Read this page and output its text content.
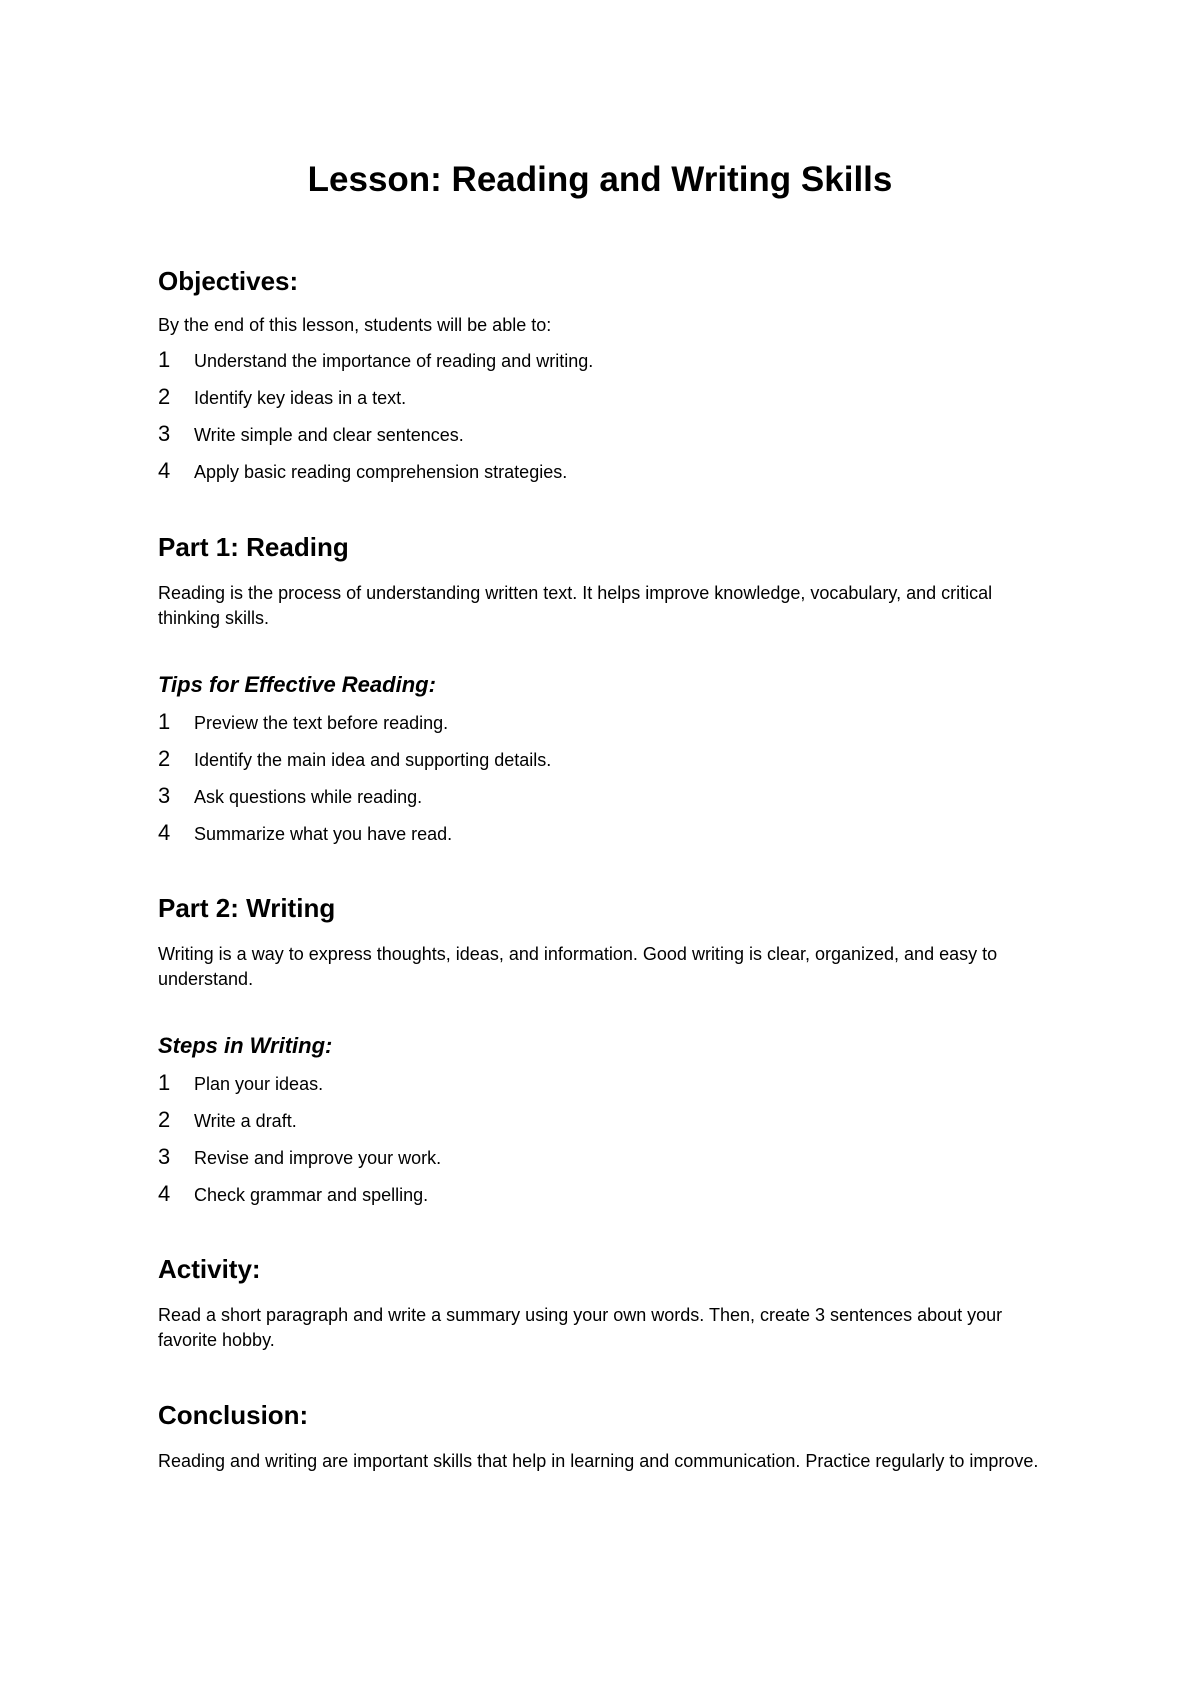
Lesson: Reading and Writing Skills
Objectives:

By the end of this lesson, students will be able to:

1 Understand the importance of reading and writing.
2 Identify key ideas in a text.
3 Write simple and clear sentences.
4 Apply basic reading comprehension strategies.
Part 1: Reading

Reading is the process of understanding written text. It helps improve knowledge, vocabulary, and critical thinking skills.

Tips for Effective Reading:
1 Preview the text before reading.
2 Identify the main idea and supporting details.
3 Ask questions while reading.
4 Summarize what you have read.
Part 2: Writing

Writing is a way to express thoughts, ideas, and information. Good writing is clear, organized, and easy to understand.

Steps in Writing:
1 Plan your ideas.
2 Write a draft.
3 Revise and improve your work.
4 Check grammar and spelling.
Activity:

Read a short paragraph and write a summary using your own words. Then, create 3 sentences about your favorite hobby.

Conclusion:

Reading and writing are important skills that help in learning and communication. Practice regularly to improve.
